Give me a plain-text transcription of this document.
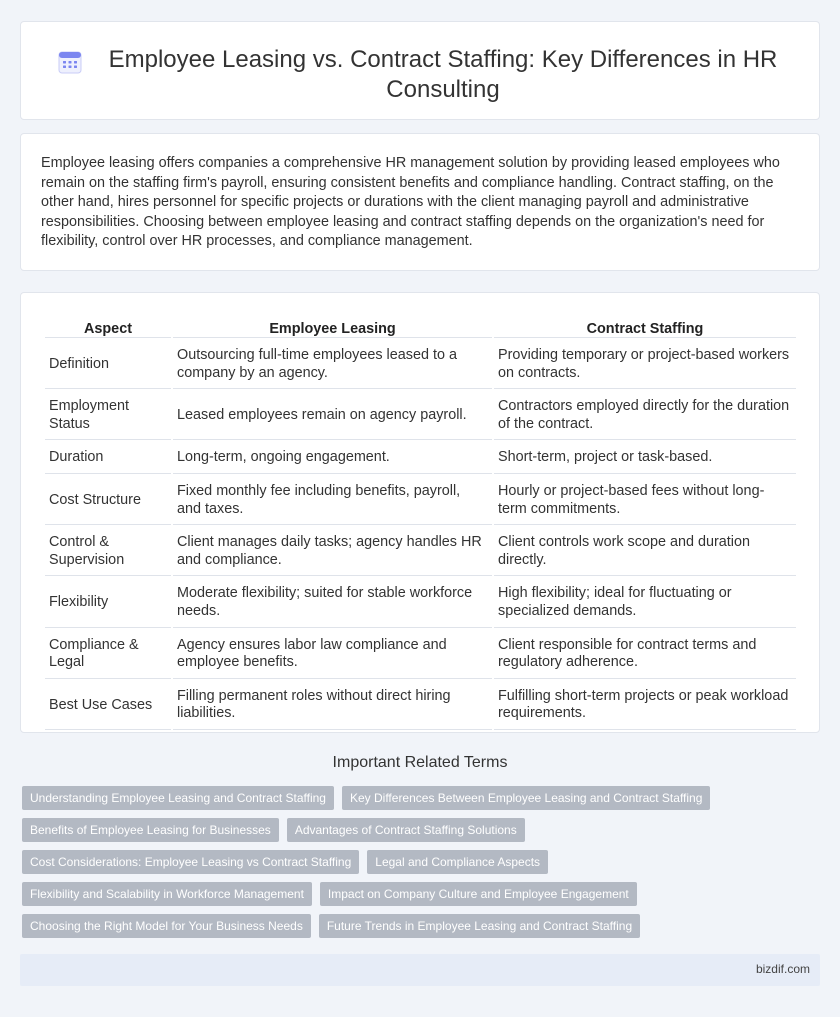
Employee Leasing vs. Contract Staffing: Key Differences in HR Consulting

Employee leasing offers companies a comprehensive HR management solution by providing leased employees who remain on the staffing firm's payroll, ensuring consistent benefits and compliance handling. Contract staffing, on the other hand, hires personnel for specific projects or durations with the client managing payroll and administrative responsibilities. Choosing between employee leasing and contract staffing depends on the organization's need for flexibility, control over HR processes, and compliance management.

Aspect	Employee Leasing	Contract Staffing
Definition	Outsourcing full-time employees leased to a company by an agency.	Providing temporary or project-based workers on contracts.
Employment Status	Leased employees remain on agency payroll.	Contractors employed directly for the duration of the contract.
Duration	Long-term, ongoing engagement.	Short-term, project or task-based.
Cost Structure	Fixed monthly fee including benefits, payroll, and taxes.	Hourly or project-based fees without long-term commitments.
Control & Supervision	Client manages daily tasks; agency handles HR and compliance.	Client controls work scope and duration directly.
Flexibility	Moderate flexibility; suited for stable workforce needs.	High flexibility; ideal for fluctuating or specialized demands.
Compliance & Legal	Agency ensures labor law compliance and employee benefits.	Client responsible for contract terms and regulatory adherence.
Best Use Cases	Filling permanent roles without direct hiring liabilities.	Fulfilling short-term projects or peak workload requirements.
Important Related Terms
Understanding Employee Leasing and Contract Staffing	Key Differences Between Employee Leasing and Contract Staffing
Benefits of Employee Leasing for Businesses	Advantages of Contract Staffing Solutions
Cost Considerations: Employee Leasing vs Contract Staffing	Legal and Compliance Aspects
Flexibility and Scalability in Workforce Management	Impact on Company Culture and Employee Engagement
Choosing the Right Model for Your Business Needs	Future Trends in Employee Leasing and Contract Staffing
bizdif.com
